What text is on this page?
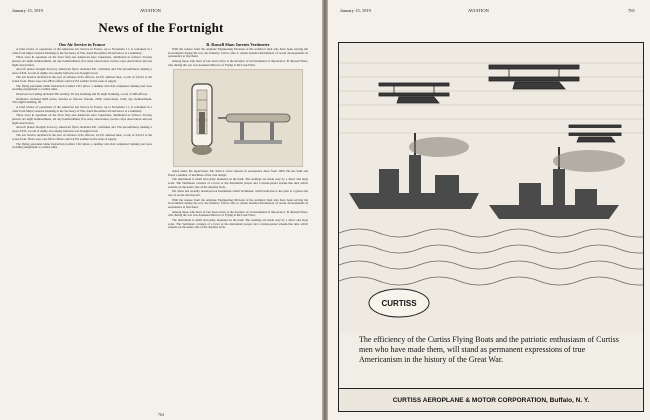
January 15, 1919	AVIATION
News of the Fortnight
Our Air Service in France

A brief review of operations of the American Air Service in France, up to November 11, is contained in a cable from Major General Pershing to the Secretary of War, dated December 28 and below is a summary:

There were in operation on the front forty-one American Aero Squadrons, distributed as follows: Twenty pursuit, six night bombardment, six day bombardment, five army observation, twelve corps observation and one night observation.

Aircraft planes brought down by American flyers included 491 confirmed and 354 unconfirmed, making a total of 845. A total of eighty-two enemy balloons was brought down.

The Air Service included in the area of advance 2161 officers, 22,351 enlisted men, a total of 24,512 at the actual front. There were also 6814 officers and 24,353 soldiers in the zone of supply.

The flying personnel under instruction totalled 1312 pilots, a number who had completed training and were awaiting assignment to combat units.

Observers in training included 365 artillery, 65 day bombing and 62 night bombing, a total of 498 officers.

Ordinance included 6400 pilots, divided as follows: Pursuit, 2209; observation, 1204; day bombardment, 740; night bombing, 20.

A brief review of operations of the American Air Service in France, up to November 11, is contained in a cable from Major General Pershing to the Secretary of War, dated December 28 and below is a summary:

There were in operation on the front forty-one American Aero Squadrons, distributed as follows: Twenty pursuit, six night bombardment, six day bombardment, five army observation, twelve corps observation and one night observation.

Aircraft planes brought down by American flyers included 491 confirmed and 354 unconfirmed, making a total of 845. A total of eighty-two enemy balloons was brought down.

The Air Service included in the area of advance 2161 officers, 22,351 enlisted men, a total of 24,512 at the actual front. There were also 6814 officers and 24,353 soldiers in the zone of supply.

The flying personnel under instruction totalled 1312 pilots, a number who had completed training and were awaiting assignment to combat units.

B. Russell Shaw Invents Vertimeter

With the release from the Airplane Engineering Division of the technical men who have been serving the Government during the war, the industry will be able to obtain detailed information of recent developments in aeronautics at first hand.

Among those who have of late been active is the inventor of an instrument of importance, B. Russell Shaw, who during the war was Assistant Director of Flying at McCook Field.

tested under his supervision. Mr. Shaw's active interest in aeronautics dates from 1909. He has built and flown a number of machines of his own design.

The instrument is small and easily mounted on the dash. The readings are made easy by a direct and large scale. The Vertimeter consists of a bowl or the instrument proper and a nickel-plated stream-line tube which extends on the under side of the airplane body.

Mr. Shaw has recently developed an instrument called Vertimeter, which indicates to the pilot at a glance the rate of ascent and descent.

With the release from the Airplane Engineering Division of the technical men who have been serving the Government during the war, the industry will be able to obtain detailed information of recent developments in aeronautics at first hand.

Among those who have of late been active is the inventor of an instrument of importance, B. Russell Shaw, who during the war was Assistant Director of Flying at McCook Field.

The instrument is small and easily mounted on the dash. The readings are made easy by a direct and large scale. The Vertimeter consists of a bowl or the instrument proper and a nickel-plated stream-line tube which extends on the under side of the airplane body.

764
January 15, 1919	AVIATION	765
CURTISS
The efficiency of the Curtiss Flying Boats and the patriotic enthusiasm of Curtiss men who have made them, will stand as permanent expressions of true Americanism in the history of the Great War.
CURTISS AEROPLANE & MOTOR CORPORATION, Buffalo, N. Y.
